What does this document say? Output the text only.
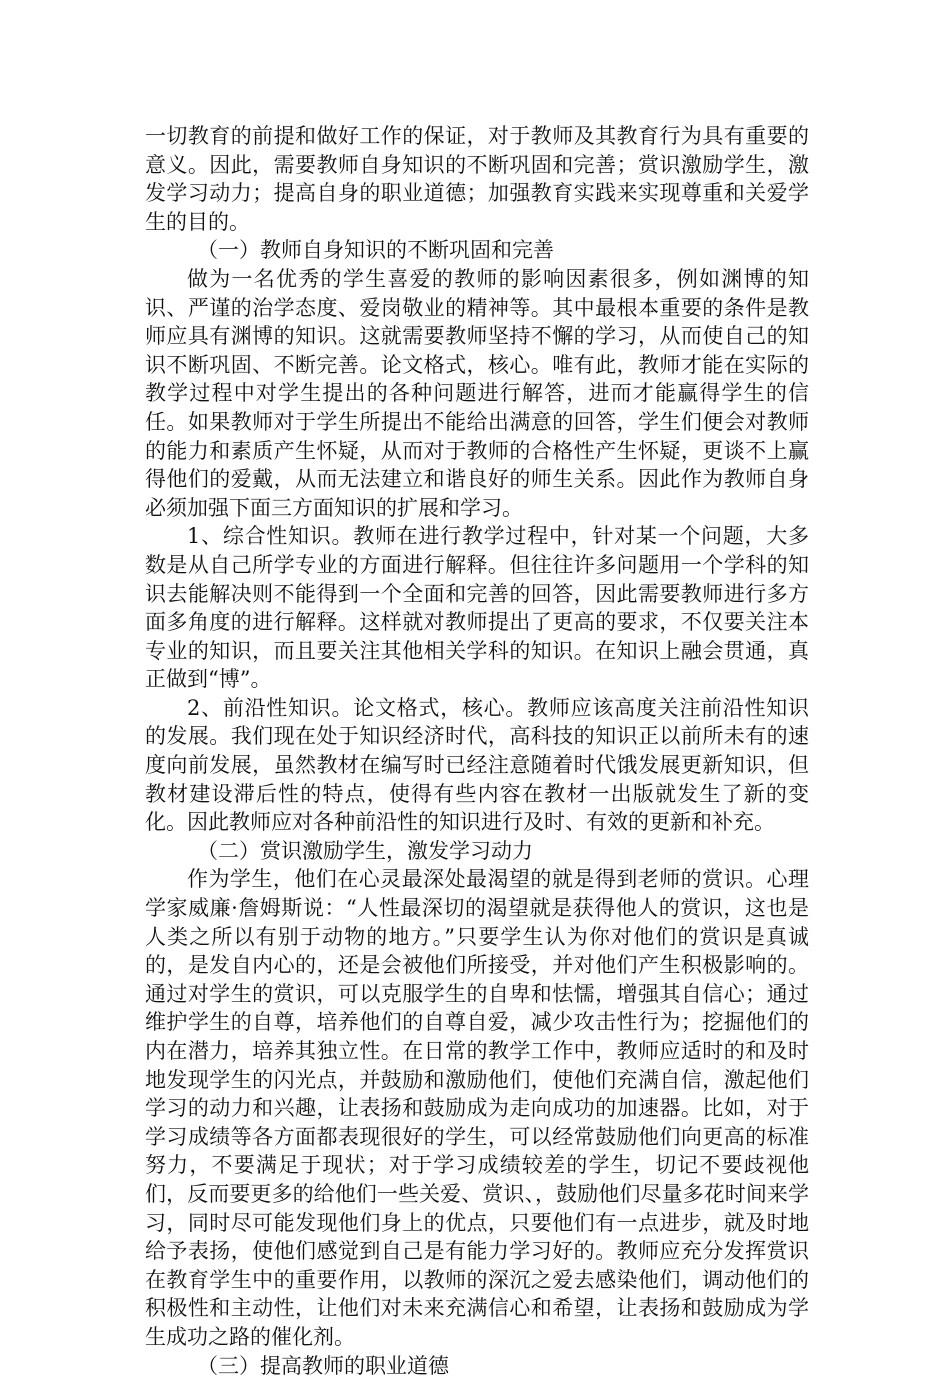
一切教育的前提和做好工作的保证，对于教师及其教育行为具有重要的意义。因此，需要教师自身知识的不断巩固和完善；赏识激励学生，激发学习动力；提高自身的职业道德；加强教育实践来实现尊重和关爱学生的目的。

（一）教师自身知识的不断巩固和完善

做为一名优秀的学生喜爱的教师的影响因素很多，例如渊博的知识、严谨的治学态度、爱岗敬业的精神等。其中最根本重要的条件是教师应具有渊博的知识。这就需要教师坚持不懈的学习，从而使自己的知识不断巩固、不断完善。论文格式，核心。唯有此，教师才能在实际的教学过程中对学生提出的各种问题进行解答，进而才能赢得学生的信任。如果教师对于学生所提出不能给出满意的回答，学生们便会对教师的能力和素质产生怀疑，从而对于教师的合格性产生怀疑，更谈不上赢得他们的爱戴，从而无法建立和谐良好的师生关系。因此作为教师自身必须加强下面三方面知识的扩展和学习。

1、综合性知识。教师在进行教学过程中，针对某一个问题，大多数是从自己所学专业的方面进行解释。但往往许多问题用一个学科的知识去能解决则不能得到一个全面和完善的回答，因此需要教师进行多方面多角度的进行解释。这样就对教师提出了更高的要求，不仅要关注本专业的知识，而且要关注其他相关学科的知识。在知识上融会贯通，真正做到“博”。

2、前沿性知识。论文格式，核心。教师应该高度关注前沿性知识的发展。我们现在处于知识经济时代，高科技的知识正以前所未有的速度向前发展，虽然教材在编写时已经注意随着时代饿发展更新知识，但教材建设滞后性的特点，使得有些内容在教材一出版就发生了新的变化。因此教师应对各种前沿性的知识进行及时、有效的更新和补充。

（二）赏识激励学生，激发学习动力

作为学生，他们在心灵最深处最渴望的就是得到老师的赏识。心理学家威廉·詹姆斯说：“人性最深切的渴望就是获得他人的赏识，这也是人类之所以有别于动物的地方。”只要学生认为你对他们的赏识是真诚的，是发自内心的，还是会被他们所接受，并对他们产生积极影响的。通过对学生的赏识，可以克服学生的自卑和怯懦，增强其自信心；通过维护学生的自尊，培养他们的自尊自爱，减少攻击性行为；挖掘他们的内在潜力，培养其独立性。在日常的教学工作中，教师应适时的和及时地发现学生的闪光点，并鼓励和激励他们，使他们充满自信，激起他们学习的动力和兴趣，让表扬和鼓励成为走向成功的加速器。比如，对于学习成绩等各方面都表现很好的学生，可以经常鼓励他们向更高的标准努力，不要满足于现状；对于学习成绩较差的学生，切记不要歧视他们，反而要更多的给他们一些关爱、赏识、，鼓励他们尽量多花时间来学习，同时尽可能发现他们身上的优点，只要他们有一点进步，就及时地给予表扬，使他们感觉到自己是有能力学习好的。教师应充分发挥赏识在教育学生中的重要作用，以教师的深沉之爱去感染他们，调动他们的积极性和主动性，让他们对未来充满信心和希望，让表扬和鼓励成为学生成功之路的催化剂。

（三）提高教师的职业道德
